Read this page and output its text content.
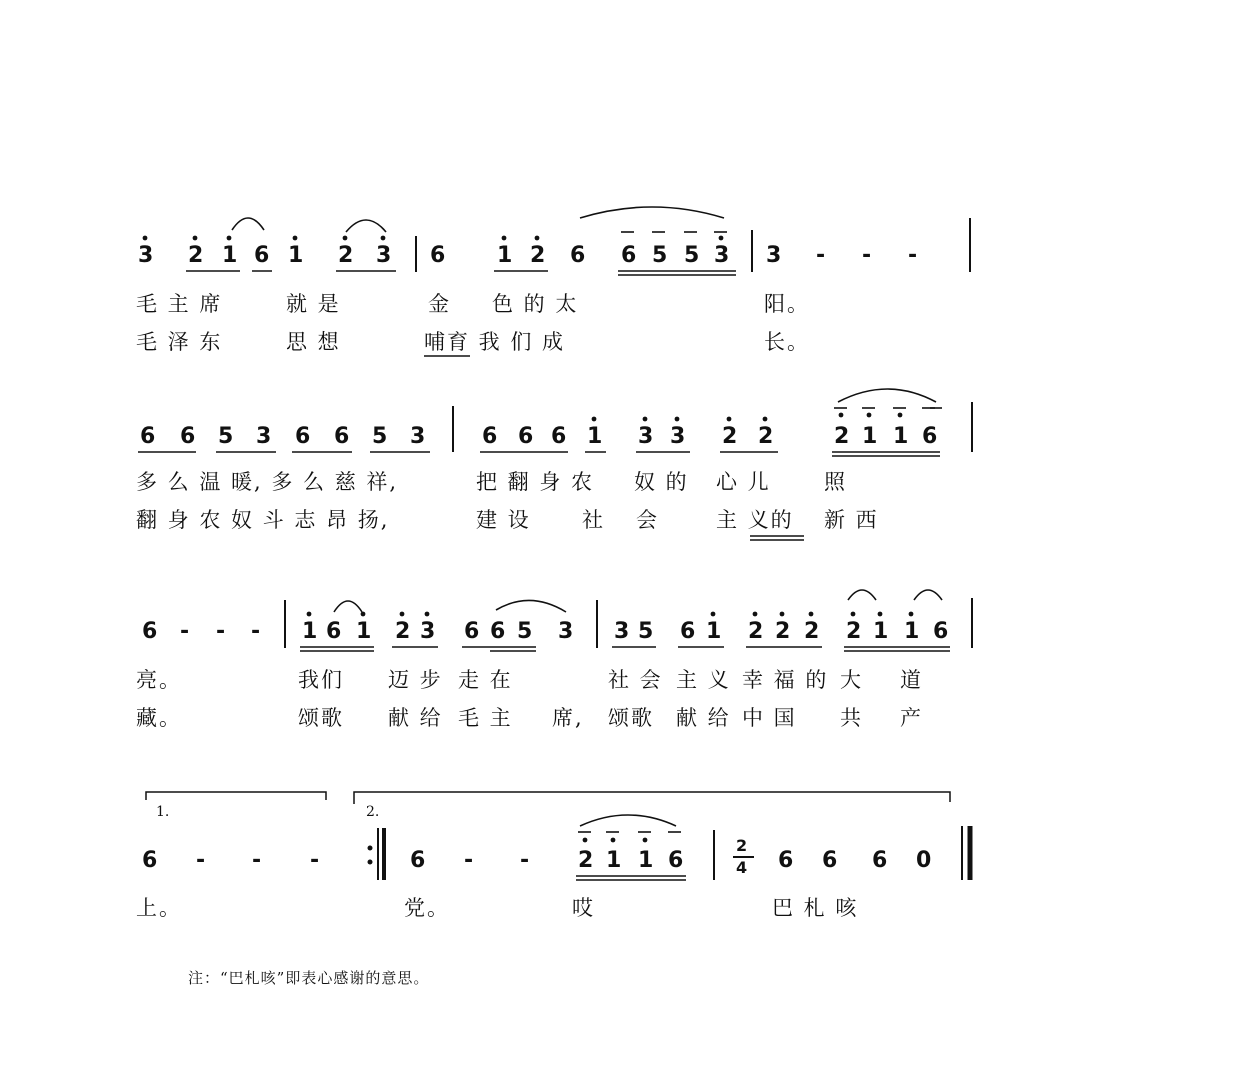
3 2 1 6 1 2 3 6 1 2 6 6 5 5 3 3 - - -
毛 主 席	就 是	金 色 的 太	阳。
毛 泽 东	思 想	哺育 我 们 成	长。
6 6 5 3 6 6 5 3	6 6 6 1 3 3 2 2	2 1 1 6
多 么 温 暖, 多 么 慈 祥,	把 翻 身 农 奴 的 心 儿	照
翻 身 农 奴 斗 志 昂 扬,	建 设 社 会	主 义的 新 西
6 - - - 1 6 1 2 3 6 6 5 3 3 5 6 1 2 2 2 2 1 1 6
亮。	我们 迈 步 走 在	社 会 主 义 幸 福 的 大 道
藏。	颂歌 献 给 毛 主 席, 颂歌 献 给 中 国 共 产
1.	2.
6 - - -	6 - - 2 1 1 6
2
4 6 6 6 0
上。	党。	哎	巴 札 咳
注：“巴札咳”即表心感谢的意思。
